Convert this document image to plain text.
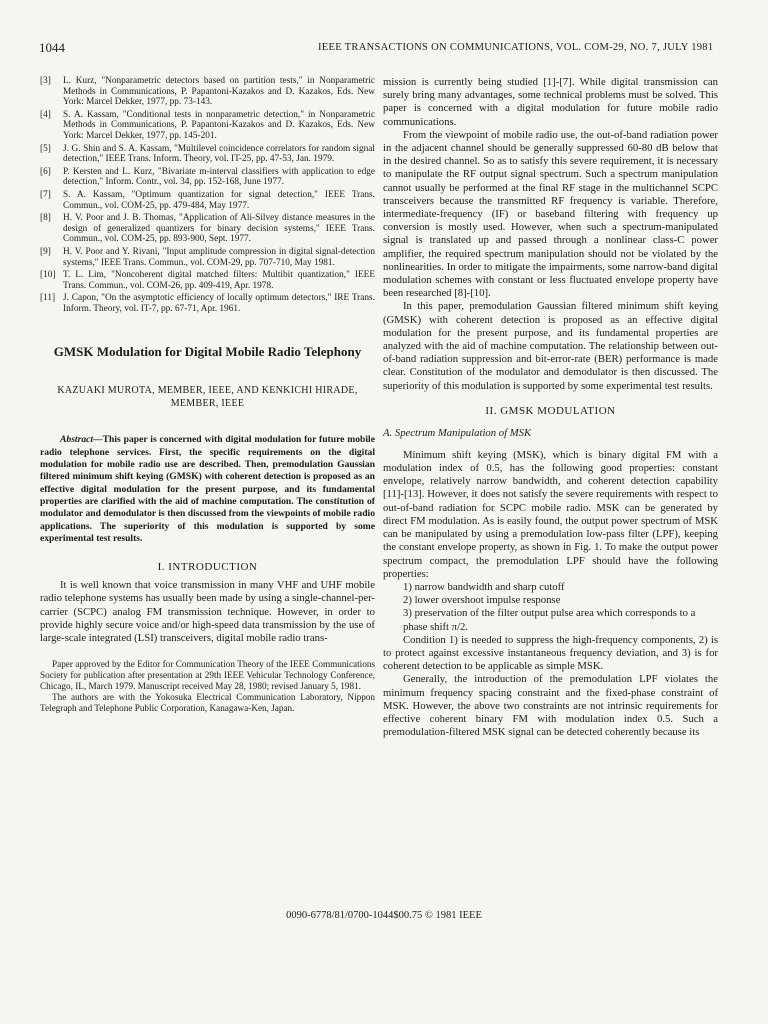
1044	IEEE TRANSACTIONS ON COMMUNICATIONS, VOL. COM-29, NO. 7, JULY 1981
[3]	L. Kurz, "Nonparametric detectors based on partition tests," in Nonparametric Methods in Communications, P. Papantoni-Kazakos and D. Kazakos, Eds. New York: Marcel Dekker, 1977, pp. 73-143.
[4]	S. A. Kassam, "Conditional tests in nonparametric detection," in Nonparametric Methods in Communications, P. Papantoni-Kazakos and D. Kazakos, Eds. New York: Marcel Dekker, 1977, pp. 145-201.
[5]	J. G. Shin and S. A. Kassam, "Multilevel coincidence correlators for random signal detection," IEEE Trans. Inform. Theory, vol. IT-25, pp. 47-53, Jan. 1979.
[6]	P. Kersten and L. Kurz, "Bivariate m-interval classifiers with application to edge detection," Inform. Contr., vol. 34, pp. 152-168, June 1977.
[7]	S. A. Kassam, "Optimum quantization for signal detection," IEEE Trans. Commun., vol. COM-25, pp. 479-484, May 1977.
[8]	H. V. Poor and J. B. Thomas, "Application of Ali-Silvey distance measures in the design of generalized quantizers for binary decision systems," IEEE Trans. Commun., vol. COM-25, pp. 893-900, Sept. 1977.
[9]	H. V. Poor and Y. Rivani, "Input amplitude compression in digital signal-detection systems," IEEE Trans. Commun., vol. COM-29, pp. 707-710, May 1981.
[10] T. L. Lim, "Noncoherent digital matched filters: Multibit quantization," IEEE Trans. Commun., vol. COM-26, pp. 409-419, Apr. 1978.
[11] J. Capon, "On the asymptotic efficiency of locally optimum detectors," IRE Trans. Inform. Theory, vol. IT-7, pp. 67-71, Apr. 1961.
GMSK Modulation for Digital Mobile Radio Telephony
KAZUAKI MUROTA, MEMBER, IEEE, AND KENKICHI HIRADE,
MEMBER, IEEE

Abstract—This paper is concerned with digital modulation for future mobile radio telephone services. First, the specific requirements on the digital modulation for mobile radio use are described. Then, premodulation Gaussian filtered minimum shift keying (GMSK) with coherent detection is proposed as an effective digital modulation for the present purpose, and its fundamental properties are clarified with the aid of machine computation. The constitution of modulator and demodulator is then discussed from the viewpoints of mobile radio applications. The superiority of this modulation is supported by some experimental test results.

I. INTRODUCTION

It is well known that voice transmission in many VHF and UHF mobile radio telephone systems has usually been made by using a single-channel-per-carrier (SCPC) analog FM transmission technique. However, in order to provide highly secure voice and/or high-speed data transmission by the use of large-scale integrated (LSI) transceivers, digital mobile radio trans-

Paper approved by the Editor for Communication Theory of the IEEE Communications Society for publication after presentation at 29th IEEE Vehicular Technology Conference, Chicago, IL, March 1979. Manuscript received May 28, 1980; revised January 5, 1981.

The authors are with the Yokosuka Electrical Communication Laboratory, Nippon Telegraph and Telephone Public Corporation, Kanagawa-Ken, Japan.

mission is currently being studied [1]-[7]. While digital transmission can surely bring many advantages, some technical problems must be solved. This paper is concerned with a digital modulation for future mobile radio communications.

From the viewpoint of mobile radio use, the out-of-band radiation power in the adjacent channel should be generally suppressed 60-80 dB below that in the desired channel. So as to satisfy this severe requirement, it is necessary to manipulate the RF output signal spectrum. Such a spectrum manipulation cannot usually be performed at the final RF stage in the multichannel SCPC transceivers because the transmitted RF frequency is variable. Therefore, intermediate-frequency (IF) or baseband filtering with frequency up conversion is mostly used. However, when such a spectrum-manipulated signal is translated up and passed through a nonlinear class-C power amplifier, the required spectrum manipulation should not be violated by the nonlinearities. In order to mitigate the impairments, some narrow-band digital modulation schemes with constant or less fluctuated envelope property have been researched [8]-[10].

In this paper, premodulation Gaussian filtered minimum shift keying (GMSK) with coherent detection is proposed as an effective digital modulation for the present purpose, and its fundamental properties are analyzed with the aid of machine computation. The relationship between out-of-band radiation suppression and bit-error-rate (BER) performance is made clear. Constitution of the modulator and demodulator is then discussed. The superiority of this modulation is supported by some experimental test results.

II. GMSK MODULATION

A. Spectrum Manipulation of MSK

Minimum shift keying (MSK), which is binary digital FM with a modulation index of 0.5, has the following good properties: constant envelope, relatively narrow bandwidth, and coherent detection capability [11]-[13]. However, it does not satisfy the severe requirements with respect to out-of-band radiation for SCPC mobile radio. MSK can be generated by direct FM modulation. As is easily found, the output power spectrum of MSK can be manipulated by using a premodulation low-pass filter (LPF), keeping the constant envelope property, as shown in Fig. 1. To make the output power spectrum compact, the premodulation LPF should have the following properties:

1) narrow bandwidth and sharp cutoff
2) lower overshoot impulse response
3) preservation of the filter output pulse area which corresponds to a phase shift π/2.

Condition 1) is needed to suppress the high-frequency components, 2) is to protect against excessive instantaneous frequency deviation, and 3) is for coherent detection to be applicable as simple MSK.

Generally, the introduction of the premodulation LPF violates the minimum frequency spacing constraint and the fixed-phase constraint of MSK. However, the above two constraints are not intrinsic requirements for effective coherent binary FM with modulation index 0.5. Such a premodulation-filtered MSK signal can be detected coherently because its

0090-6778/81/0700-1044$00.75 © 1981 IEEE
